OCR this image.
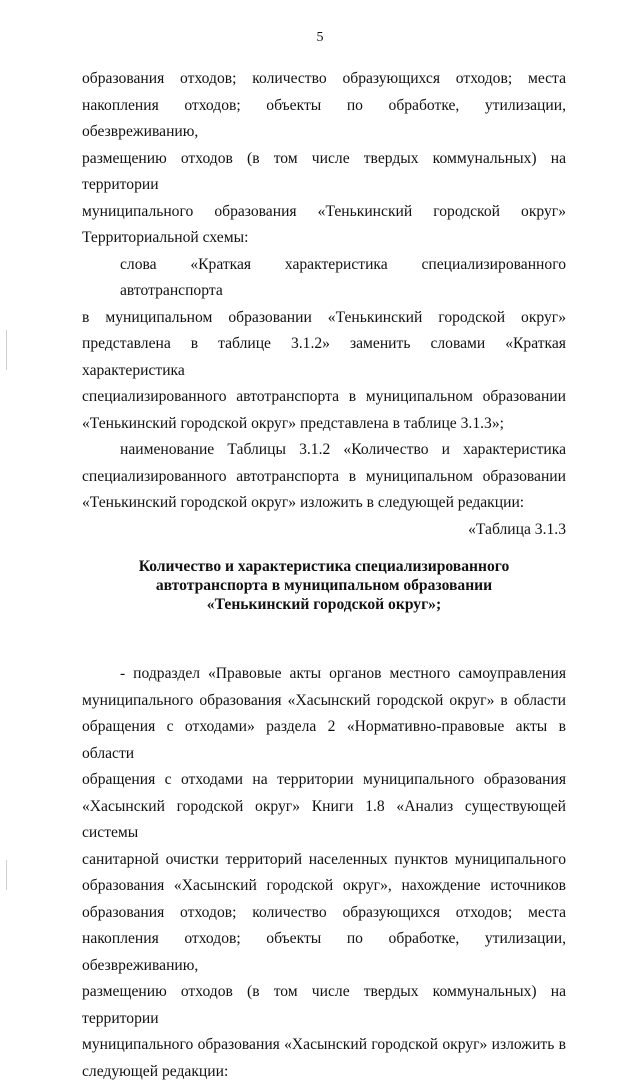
5
образования отходов; количество образующихся отходов; места
накопления отходов; объекты по обработке, утилизации, обезвреживанию,
размещению отходов (в том числе твердых коммунальных) на территории
муниципального образования «Тенькинский городской округ»
Территориальной схемы:
слова «Краткая характеристика специализированного автотранспорта
в муниципальном образовании «Тенькинский городской округ»
представлена в таблице 3.1.2» заменить словами «Краткая характеристика
специализированного автотранспорта в муниципальном образовании
«Тенькинский городской округ» представлена в таблице 3.1.3»;
наименование Таблицы 3.1.2 «Количество и характеристика
специализированного автотранспорта в муниципальном образовании
«Тенькинский городской округ» изложить в следующей редакции:
«Таблица 3.1.3
Количество и характеристика специализированного
автотранспорта в муниципальном образовании
«Тенькинский городской округ»;
- подраздел «Правовые акты органов местного самоуправления
муниципального образования «Хасынский городской округ» в области
обращения с отходами» раздела 2 «Нормативно-правовые акты в области
обращения с отходами на территории муниципального образования
«Хасынский городской округ» Книги 1.8 «Анализ существующей системы
санитарной очистки территорий населенных пунктов муниципального
образования «Хасынский городской округ», нахождение источников
образования отходов; количество образующихся отходов; места
накопления отходов; объекты по обработке, утилизации, обезвреживанию,
размещению отходов (в том числе твердых коммунальных) на территории
муниципального образования «Хасынский городской округ» изложить в
следующей редакции:
